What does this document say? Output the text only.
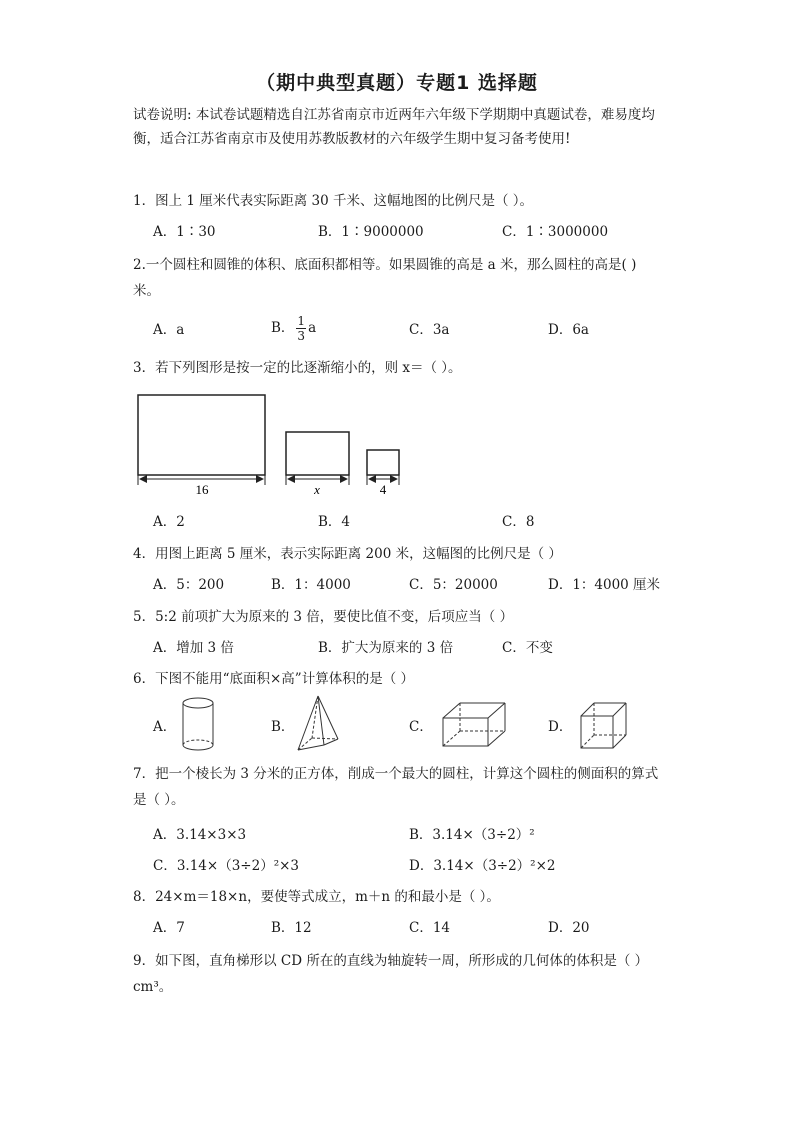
（期中典型真题）专题1 选择题
试卷说明: 本试卷试题精选自江苏省南京市近两年六年级下学期期中真题试卷，难易度均衡，适合江苏省南京市及使用苏教版教材的六年级学生期中复习备考使用!
1．图上 1 厘米代表实际距离 30 千米、这幅地图的比例尺是（ ）。
A．1∶30	B．1∶9000000	C．1∶3000000
2.一个圆柱和圆锥的体积、底面积都相等。如果圆锥的高是 a 米，那么圆柱的高是( )米。
A．a	B． $\frac{1}{3}$ a	C．3a	D．6a
3．若下列图形是按一定的比逐渐缩小的，则 x＝（ ）。
16	x	4
A．2	B．4	C．8
4．用图上距离 5 厘米，表示实际距离 200 米，这幅图的比例尺是（ ）
A．5：200	B．1：4000	C．5：20000	D．1：4000 厘米
5．5:2 前项扩大为原来的 3 倍，要使比值不变，后项应当（ ）
A．增加 3 倍	B．扩大为原来的 3 倍	C．不变
6．下图不能用“底面积×高”计算体积的是（ ）
A．	B．	C．	D．
7．把一个棱长为 3 分米的正方体，削成一个最大的圆柱，计算这个圆柱的侧面积的算式是（ ）。
A．3.14×3×3	B．3.14×（3÷2）²
C．3.14×（3÷2）²×3	D．3.14×（3÷2）²×2
8．24×m＝18×n，要使等式成立，m＋n 的和最小是（ ）。
A．7	B．12	C．14	D．20
9．如下图，直角梯形以 CD 所在的直线为轴旋转一周，所形成的几何体的体积是（ ）cm³。
